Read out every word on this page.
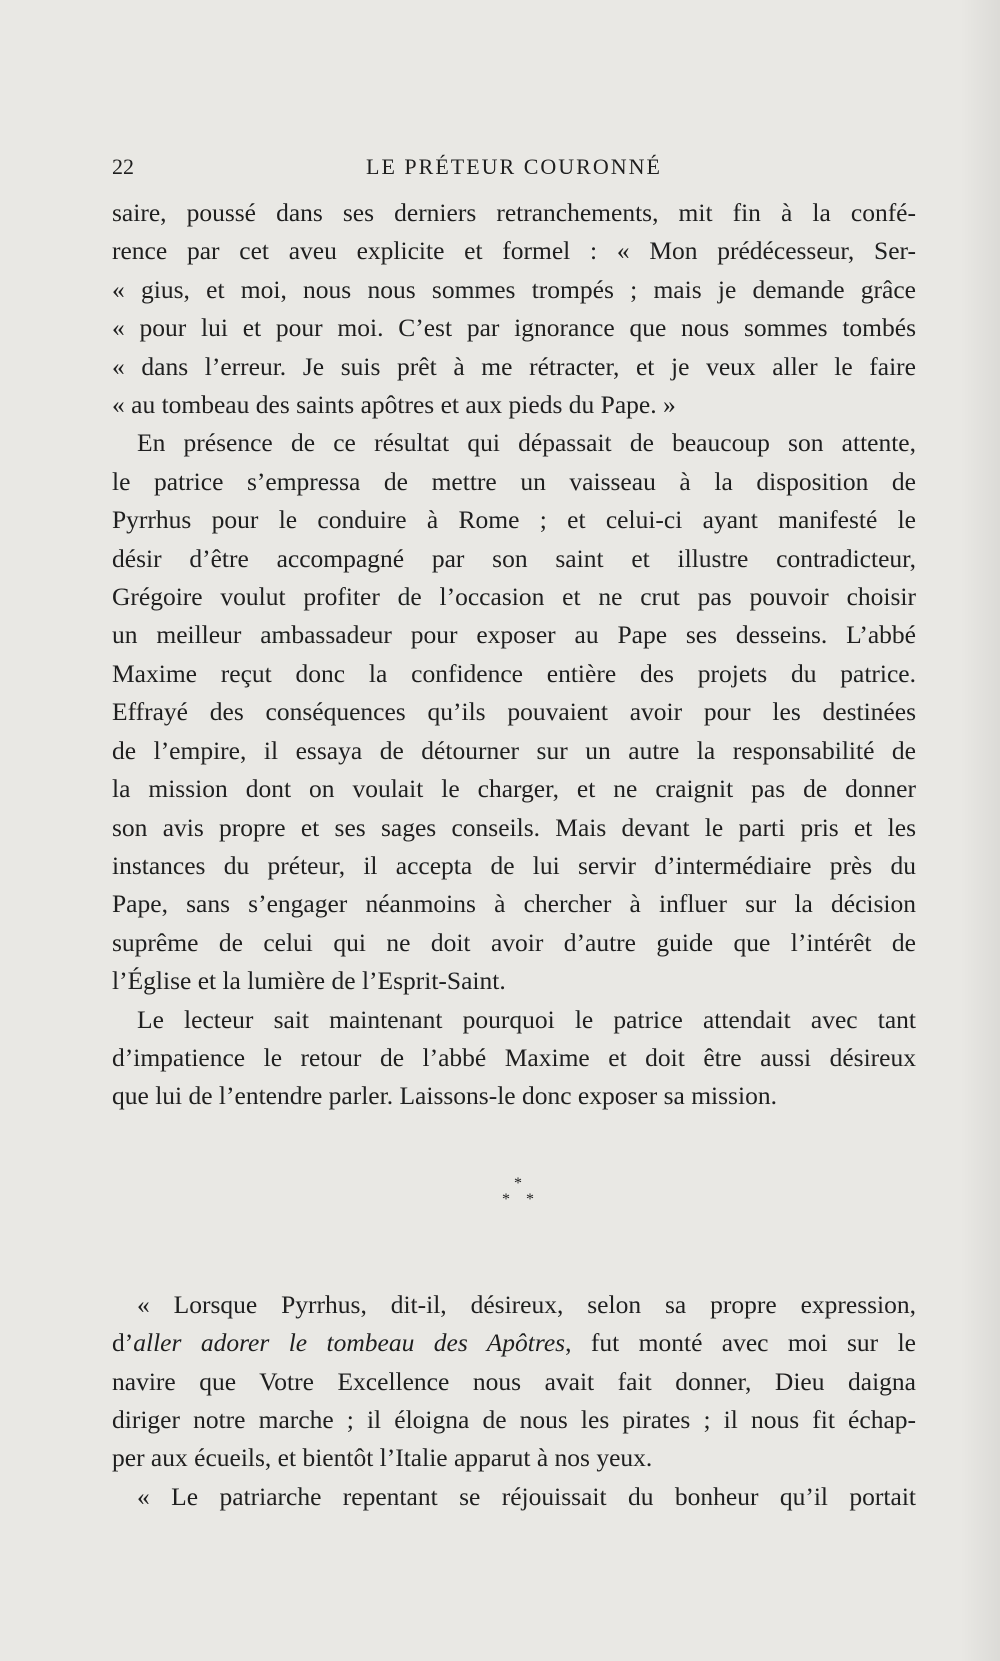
22	LE PRÉTEUR COURONNÉ

saire, poussé dans ses derniers retranchements, mit fin à la confé-
rence par cet aveu explicite et formel : « Mon prédécesseur, Ser-
« gius, et moi, nous nous sommes trompés ; mais je demande grâce
« pour lui et pour moi. C’est par ignorance que nous sommes tombés
« dans l’erreur. Je suis prêt à me rétracter, et je veux aller le faire
« au tombeau des saints apôtres et aux pieds du Pape. »

En présence de ce résultat qui dépassait de beaucoup son attente,
le patrice s’empressa de mettre un vaisseau à la disposition de
Pyrrhus pour le conduire à Rome ; et celui-ci ayant manifesté le
désir d’être accompagné par son saint et illustre contradicteur,
Grégoire voulut profiter de l’occasion et ne crut pas pouvoir choisir
un meilleur ambassadeur pour exposer au Pape ses desseins. L’abbé
Maxime reçut donc la confidence entière des projets du patrice.
Effrayé des conséquences qu’ils pouvaient avoir pour les destinées
de l’empire, il essaya de détourner sur un autre la responsabilité de
la mission dont on voulait le charger, et ne craignit pas de donner
son avis propre et ses sages conseils. Mais devant le parti pris et les
instances du préteur, il accepta de lui servir d’intermédiaire près du
Pape, sans s’engager néanmoins à chercher à influer sur la décision
suprême de celui qui ne doit avoir d’autre guide que l’intérêt de
l’Église et la lumière de l’Esprit-Saint.

Le lecteur sait maintenant pourquoi le patrice attendait avec tant
d’impatience le retour de l’abbé Maxime et doit être aussi désireux
que lui de l’entendre parler. Laissons-le donc exposer sa mission.

*
* *

« Lorsque Pyrrhus, dit-il, désireux, selon sa propre expression,
d’aller adorer le tombeau des Apôtres, fut monté avec moi sur le
navire que Votre Excellence nous avait fait donner, Dieu daigna
diriger notre marche ; il éloigna de nous les pirates ; il nous fit échap-
per aux écueils, et bientôt l’Italie apparut à nos yeux.

« Le patriarche repentant se réjouissait du bonheur qu’il portait
